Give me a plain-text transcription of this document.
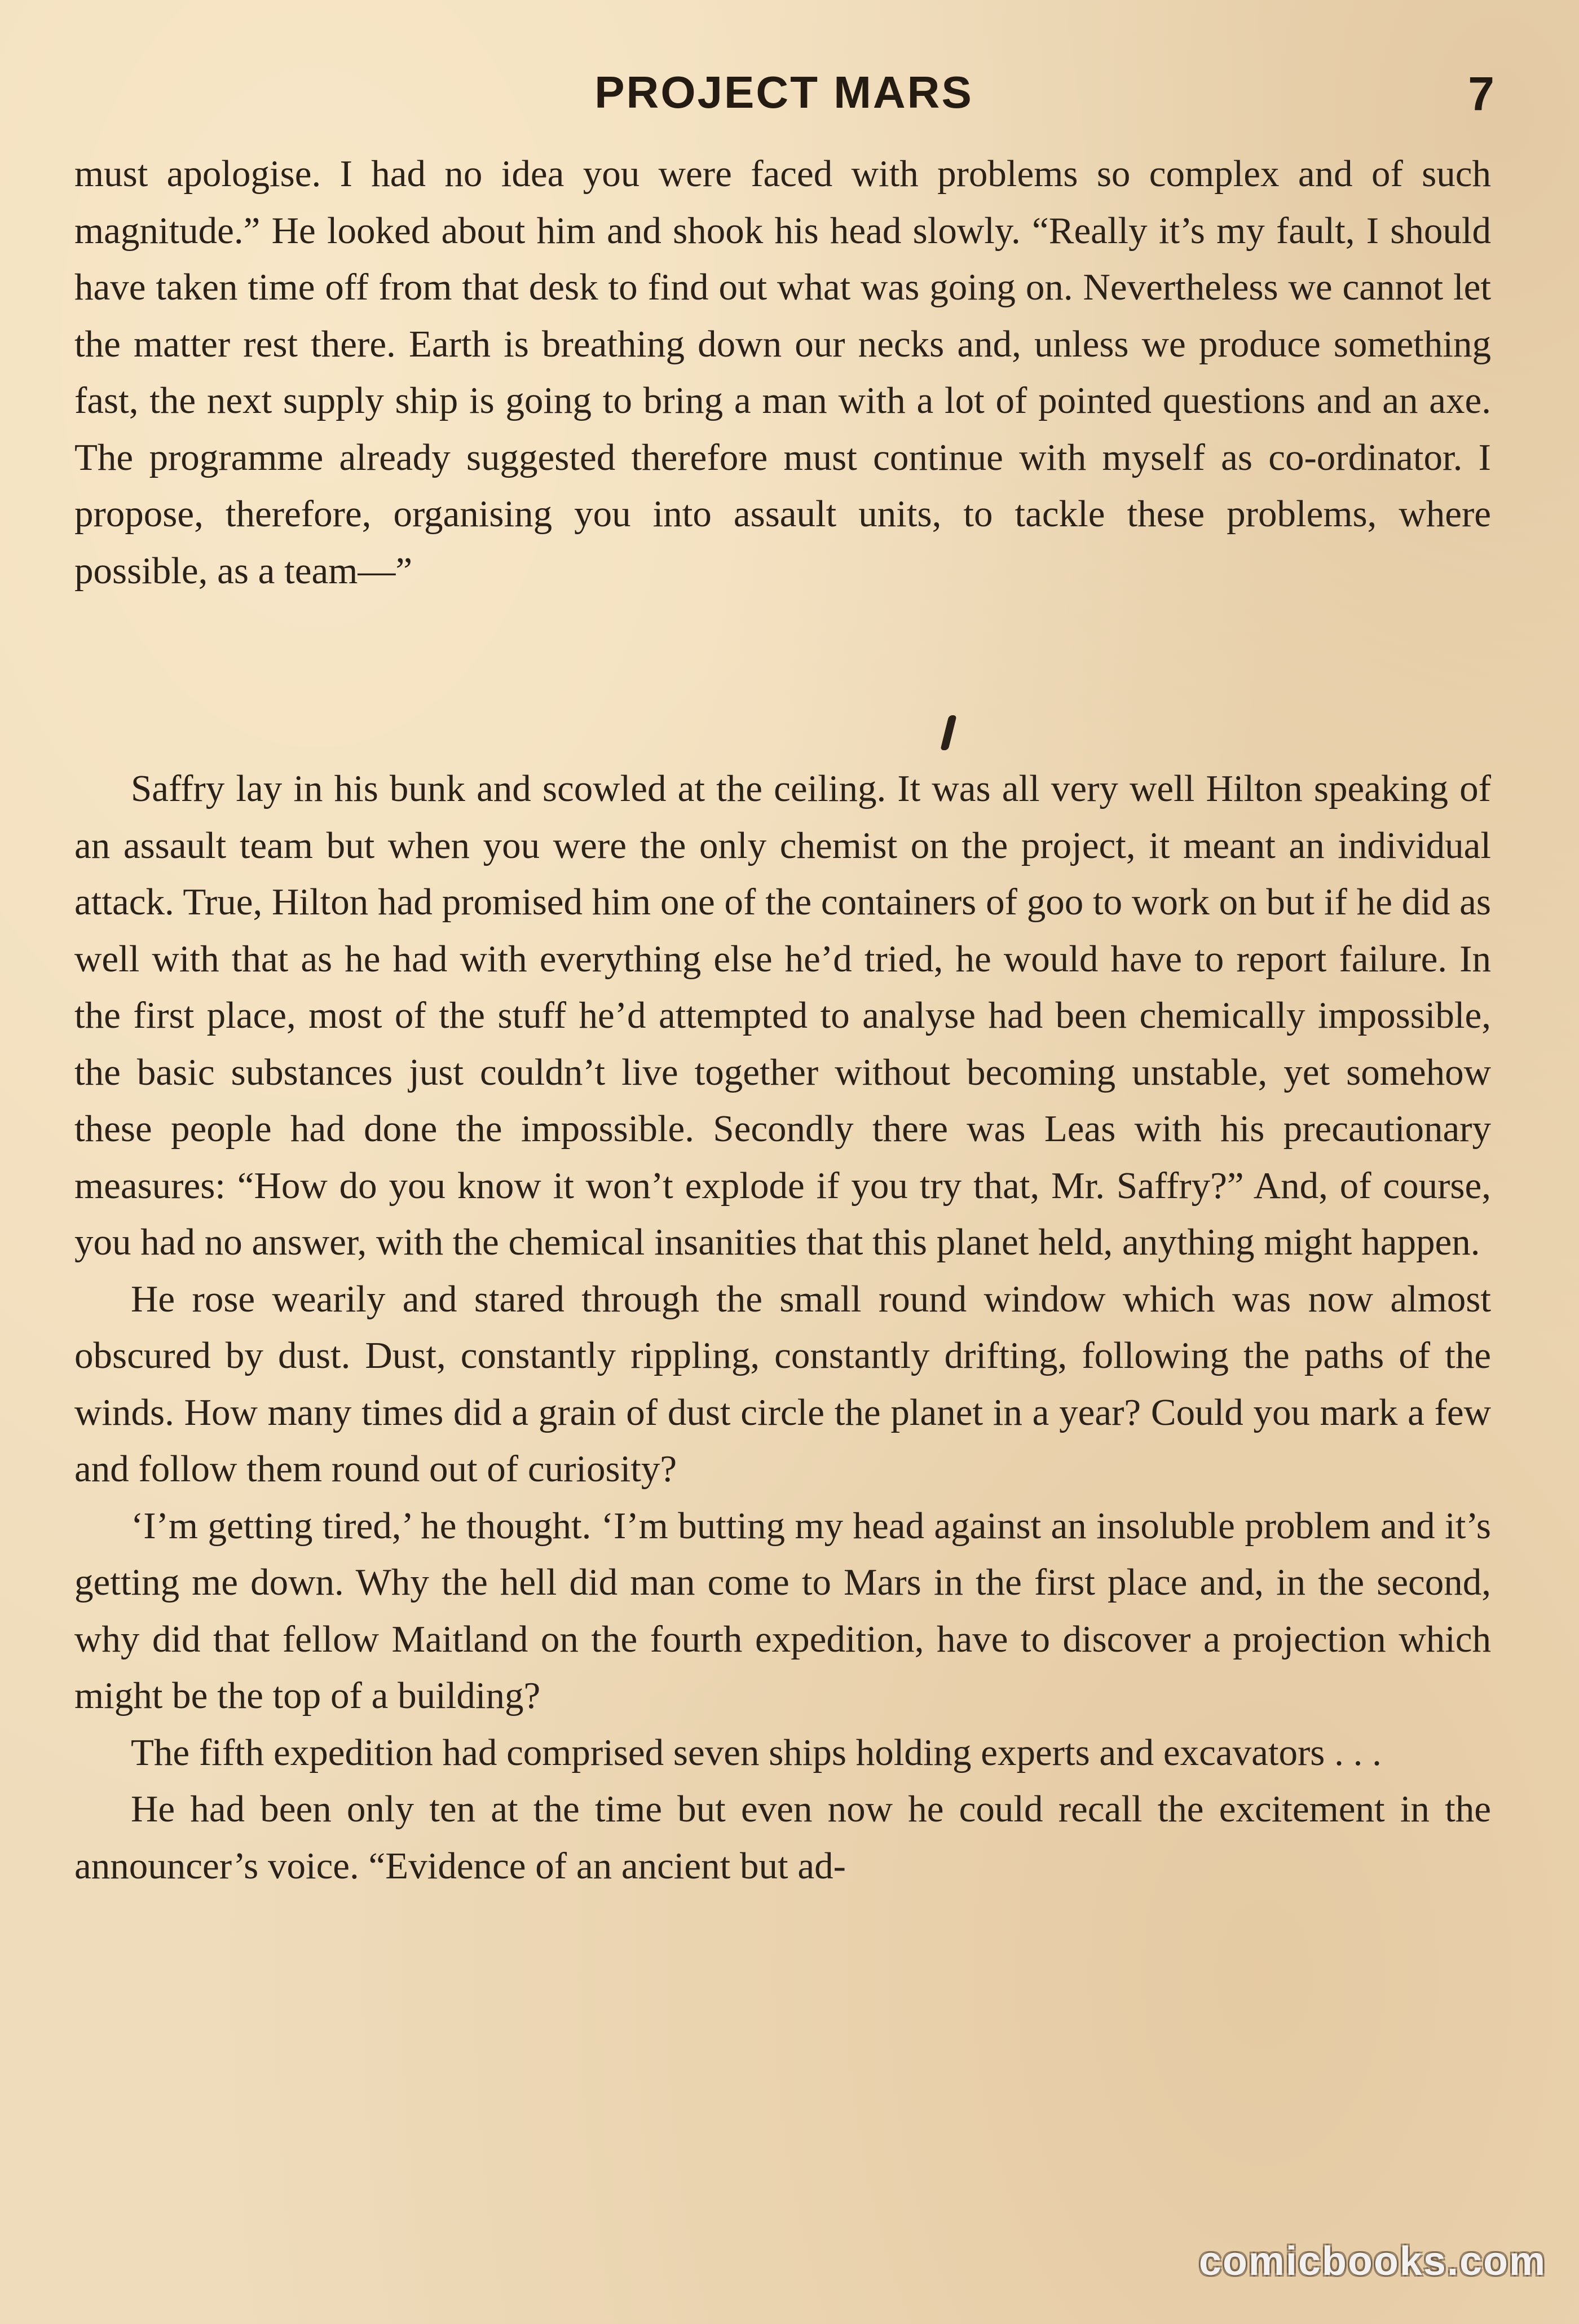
PROJECT MARS	7

must apologise. I had no idea you were faced with problems so complex and of such magnitude.” He looked about him and shook his head slowly. “Really it’s my fault, I should have taken time off from that desk to find out what was going on. Nevertheless we cannot let the matter rest there. Earth is breathing down our necks and, unless we produce something fast, the next supply ship is going to bring a man with a lot of pointed questions and an axe. The programme already suggested therefore must continue with myself as co-ordinator. I propose, therefore, organising you into assault units, to tackle these problems, where possible, as a team—”

Saffry lay in his bunk and scowled at the ceiling. It was all very well Hilton speaking of an assault team but when you were the only chemist on the project, it meant an individual attack. True, Hilton had promised him one of the containers of goo to work on but if he did as well with that as he had with everything else he’d tried, he would have to report failure. In the first place, most of the stuff he’d attempted to analyse had been chemically impossible, the basic substances just couldn’t live together without becoming unstable, yet somehow these people had done the impossible. Secondly there was Leas with his precautionary measures: “How do you know it won’t explode if you try that, Mr. Saffry?” And, of course, you had no answer, with the chemical insanities that this planet held, anything might happen.

He rose wearily and stared through the small round window which was now almost obscured by dust. Dust, constantly rippling, constantly drifting, following the paths of the winds. How many times did a grain of dust circle the planet in a year? Could you mark a few and follow them round out of curiosity?

‘I’m getting tired,’ he thought. ‘I’m butting my head against an insoluble problem and it’s getting me down. Why the hell did man come to Mars in the first place and, in the second, why did that fellow Maitland on the fourth expedition, have to discover a projection which might be the top of a building?

The fifth expedition had comprised seven ships holding experts and excavators . . .

He had been only ten at the time but even now he could recall the excitement in the announcer’s voice. “Evidence of an ancient but ad-

comicbooks.com
